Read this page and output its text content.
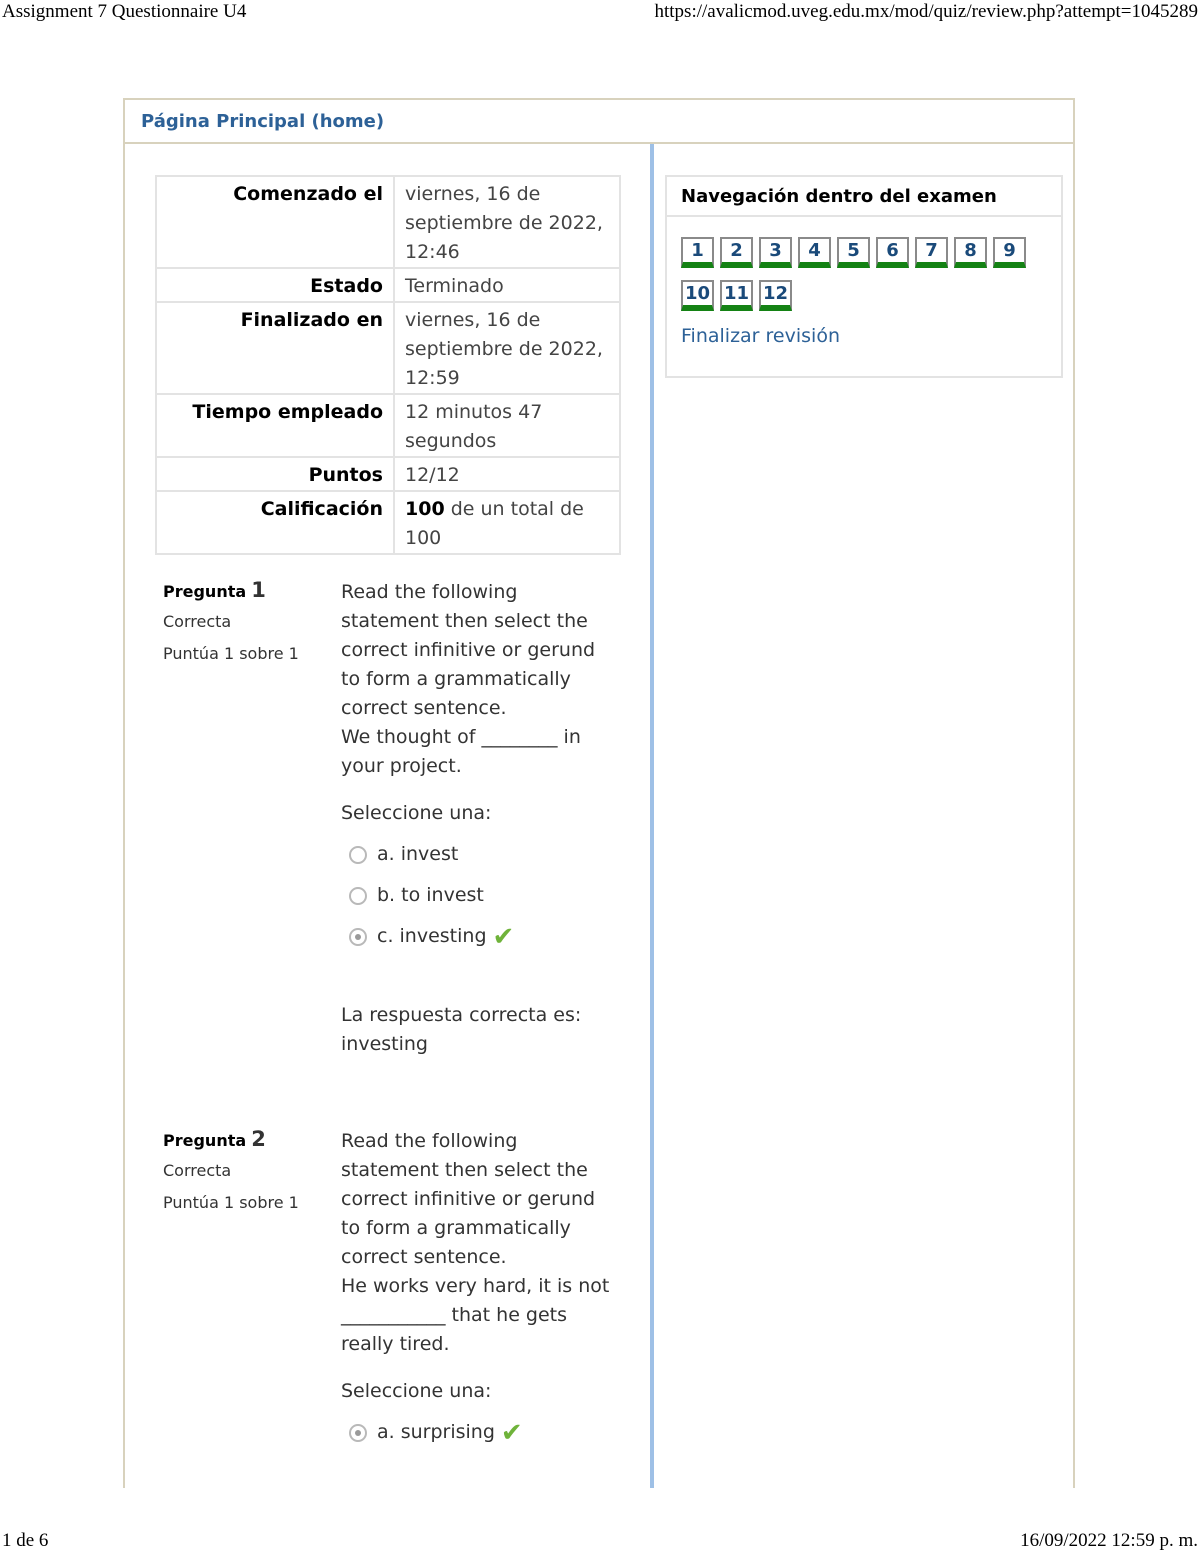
Assignment 7 Questionnaire U4	https://avalicmod.uveg.edu.mx/mod/quiz/review.php?attempt=1045289
Página Principal (home)
Comenzado el	viernes, 16 de septiembre de 2022, 12:46
Estado	Terminado
Finalizado en	viernes, 16 de septiembre de 2022, 12:59
Tiempo empleado	12 minutos 47 segundos
Puntos	12/12
Calificación	100 de un total de 100
Pregunta 1
Correcta
Puntúa 1 sobre 1
Read the following statement then select the correct infinitive or gerund to form a grammatically correct sentence.
We thought of ________ in your project.
Seleccione una:
a. invest
b. to invest
c. investing ✔
La respuesta correcta es: investing
Pregunta 2
Correcta
Puntúa 1 sobre 1
Read the following statement then select the correct infinitive or gerund to form a grammatically correct sentence.
He works very hard, it is not ___________ that he gets really tired.
Seleccione una:
a. surprising ✔
Navegación dentro del examen
1 2 3 4 5 6 7 8 9
10 11 12
Finalizar revisión
1 de 6	16/09/2022 12:59 p. m.
